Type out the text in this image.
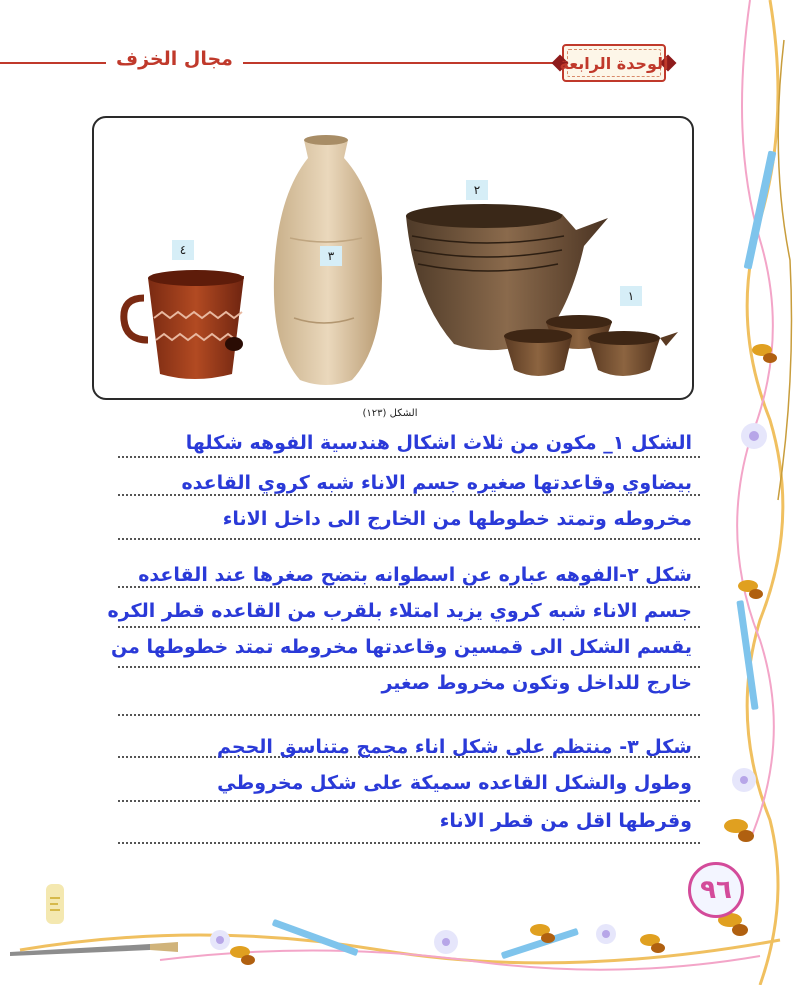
مجال الخزف	الوحدة الرابعة
٤	٣
٢
١
الشكل (١٢٣)
الشكل ١_ مكون من ثلاث اشكال هندسية الفوهه شكلها
بيضاوي وقاعدتها صغيره جسم الاناء شبه كروي القاعده
مخروطه وتمتد خطوطها من الخارج الى داخل الاناء
شكل ٢-الفوهه عباره عن اسطوانه بتضح صغرها عند القاعده
جسم الاناء شبه كروي يزيد امتلاء بلقرب من القاعده قطر الكره
يقسم الشكل الى قمسين وقاعدتها مخروطه تمتد خطوطها من
خارج للداخل وتكون مخروط صغير
شكل ٣- منتظم على شكل اناء مجمج متناسق الحجم
وطول والشكل القاعده سميكة على شكل مخروطي
وقرطها اقل من قطر الاناء
٩٦
